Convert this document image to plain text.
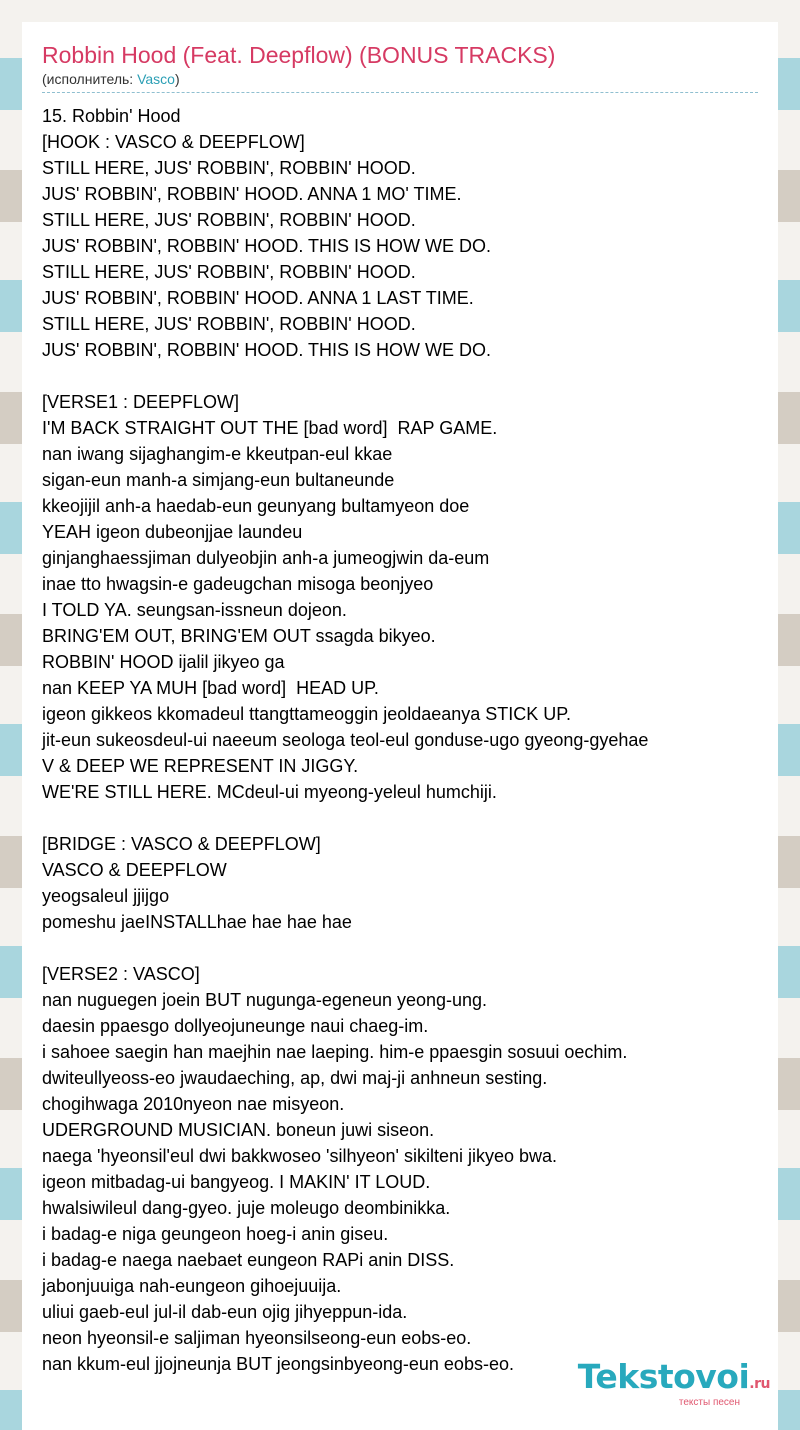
Robbin Hood (Feat. Deepflow) (BONUS TRACKS)
(исполнитель: Vasco)
15. Robbin' Hood
[HOOK : VASCO & DEEPFLOW]
STILL HERE, JUS' ROBBIN', ROBBIN' HOOD.
JUS' ROBBIN', ROBBIN' HOOD. ANNA 1 MO' TIME.
STILL HERE, JUS' ROBBIN', ROBBIN' HOOD.
JUS' ROBBIN', ROBBIN' HOOD. THIS IS HOW WE DO.
STILL HERE, JUS' ROBBIN', ROBBIN' HOOD.
JUS' ROBBIN', ROBBIN' HOOD. ANNA 1 LAST TIME.
STILL HERE, JUS' ROBBIN', ROBBIN' HOOD.
JUS' ROBBIN', ROBBIN' HOOD. THIS IS HOW WE DO.
[VERSE1 : DEEPFLOW]
I'M BACK STRAIGHT OUT THE [bad word]  RAP GAME.
nan iwang sijaghangim-e kkeutpan-eul kkae
sigan-eun manh-a simjang-eun bultaneunde
kkeojijil anh-a haedab-eun geunyang bultamyeon doe
YEAH igeon dubeonjjae laundeu
ginjanghaessjiman dulyeobjin anh-a jumeogjwin da-eum
inae tto hwagsin-e gadeugchan misoga beonjyeo
I TOLD YA. seungsan-issneun dojeon.
BRING'EM OUT, BRING'EM OUT ssagda bikyeo.
ROBBIN' HOOD ijalil jikyeo ga
nan KEEP YA MUH [bad word]  HEAD UP.
igeon gikkeos kkomadeul ttangttameoggin jeoldaeanya STICK UP.
jit-eun sukeosdeul-ui naeeum seologa teol-eul gonduse-ugo gyeong-gyehae
V & DEEP WE REPRESENT IN JIGGY.
WE'RE STILL HERE. MCdeul-ui myeong-yeleul humchiji.
[BRIDGE : VASCO & DEEPFLOW]
VASCO & DEEPFLOW
yeogsaleul jjijgo
pomeshu jaeINSTALLhae hae hae hae
[VERSE2 : VASCO]
nan nuguegen joein BUT nugunga-egeneun yeong-ung.
daesin ppaesgo dollyeojuneunge naui chaeg-im.
i sahoee saegin han maejhin nae laeping. him-e ppaesgin sosuui oechim.
dwiteullyeoss-eo jwaudaeching, ap, dwi maj-ji anhneun sesting.
chogihwaga 2010nyeon nae misyeon.
UDERGROUND MUSICIAN. boneun juwi siseon.
naega 'hyeonsil'eul dwi bakkwoseo 'silhyeon' sikilteni jikyeo bwa.
igeon mitbadag-ui bangyeog. I MAKIN' IT LOUD.
hwalsiwileul dang-gyeo. juje moleugo deombinikka.
i badag-e niga geungeon hoeg-i anin giseu.
i badag-e naega naebaet eungeon RAPi anin DISS.
jabonjuuiga nah-eungeon gihoejuuija.
uliui gaeb-eul jul-il dab-eun ojig jihyeppun-ida.
neon hyeonsil-e saljiman hyeonsilseong-eun eobs-eo.
nan kkum-eul jjojneunja BUT jeongsinbyeong-eun eobs-eo.	Tekstovoi.ru
тексты песен
